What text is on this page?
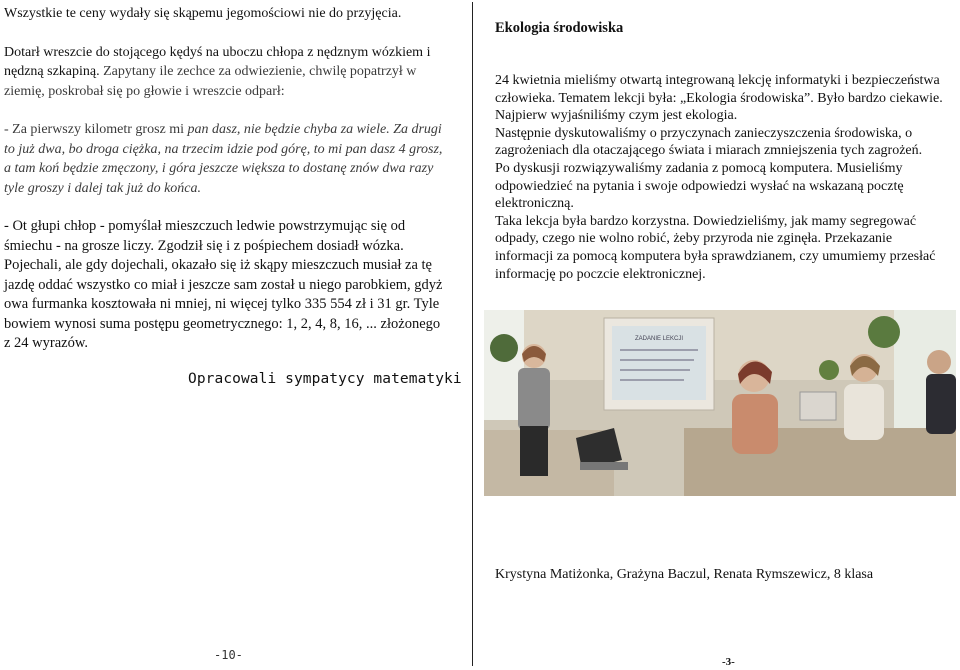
Wszystkie te ceny wydały się skąpemu jegomościowi nie do przyjęcia.

Dotarł wreszcie do stojącego kędyś na uboczu chłopa z nędznym wózkiem i nędzną szkapiną. Zapytany ile zechce za odwiezienie, chwilę popatrzył w ziemię, poskrobał się po głowie i wreszcie odparł:

- Za pierwszy kilometr grosz mi pan dasz, nie będzie chyba za wiele. Za drugi to już dwa, bo droga ciężka, na trzecim idzie pod górę, to mi pan dasz 4 grosz, a tam koń będzie zmęczony, i góra jeszcze większa to dostanę znów dwa razy tyle groszy i dalej tak już do końca.

- Ot głupi chłop - pomyślał mieszczuch ledwie powstrzymując się od śmiechu - na grosze liczy. Zgodził się i z pośpiechem dosiadł wózka. Pojechali, ale gdy dojechali, okazało się iż skąpy mieszczuch musiał za tę jazdę oddać wszystko co miał i jeszcze sam został u niego parobkiem, gdyż owa furmanka kosztowała ni mniej, ni więcej tylko 335 554 zł i 31 gr. Tyle bowiem wynosi suma postępu geometrycznego: 1, 2, 4, 8, 16, ... złożonego z 24 wyrazów.

Opracowali sympatycy matematyki
-10-
Ekologia środowiska

24 kwietnia mieliśmy otwartą integrowaną lekcję informatyki i bezpieczeństwa człowieka. Tematem lekcji była: „Ekologia środowiska”. Było bardzo ciekawie. Najpierw wyjaśniliśmy czym jest ekologia.

Następnie dyskutowaliśmy o przyczynach zanieczyszczenia środowiska, o zagrożeniach dla otaczającego świata i miarach zmniejszenia tych zagrożeń.

Po dyskusji rozwiązywaliśmy zadania z pomocą komputera. Musieliśmy odpowiedzieć na pytania i swoje odpowiedzi wysłać na wskazaną pocztę elektroniczną.

Taka lekcja była bardzo korzystna. Dowiedzieliśmy, jak mamy segregować odpady, czego nie wolno robić, żeby przyroda nie zginęła. Przekazanie informacji za pomocą komputera była sprawdzianem, czy umumiemy przesłać informację po poczcie elektronicznej.

ZADANIE LEKCJI
Krystyna Matiżonka, Grażyna Baczul, Renata Rymszewicz, 8 klasa
-3-
